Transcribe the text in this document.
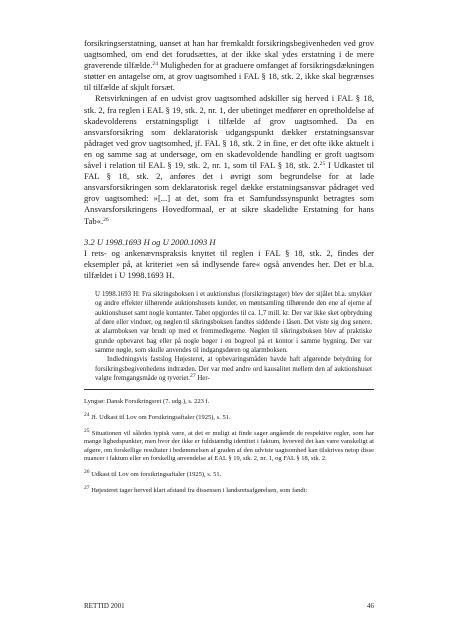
forsikringserstatning, uanset at han har fremkaldt forsikringsbegivenheden ved grov uagtsomhed, om end det forudsættes, at der ikke skal ydes erstatning i de mere graverende tilfælde.$^{24}$ Muligheden for at graduere omfanget af forsikringsdækningen støtter en antagelse om, at grov uagtsomhed i FAL § 18, stk. 2, ikke skal begrænses til tilfælde af skjult forsæt.

Retsvirkningen af en udvist grov uagtsomhed adskiller sig herved i FAL § 18, stk. 2, fra reglen i EAL § 19, stk. 2, nr. 1, der ubetinget medfører en opretholdelse af skadevolderens erstatningspligt i tilfælde af grov uagtsomhed. Da en ansvarsforsikring som deklaratorisk udgangspunkt dækker erstatningsansvar pådraget ved grov uagtsomhed, jf. FAL § 18, stk. 2 in fine, er det ofte ikke aktuelt i en og samme sag at undersøge, om en skadevoldende handling er groft uagtsom såvel i relation til EAL § 19, stk. 2, nr. 1, som til FAL § 18, stk. 2.25 I Udkastet til FAL § 18, stk. 2, anføres det i øvrigt som begrundelse for at lade ansvarsforsikringen som deklaratorisk regel dække erstatningsansvar pådraget ved grov uagtsomhed: »[...] at det, som fra et Samfundssynspunkt betragtes som Ansvarsforsikringens Hovedformaal, er at sikre skadelidte Erstatning for hans Tab«.$^{26}$

3.2 U 1998.1693 H og U 2000.1093 H

I rets- og ankenævnspraksis knyttet til reglen i FAL § 18, stk. 2, findes der eksempler på, at kriteriet »en så indlysende fare« også anvendes her. Det er bl.a. tilfældet i U 1998.1693 H.

U 1998.1693 H: Fra sikringsboksen i et auktionshus (forsikringstager) blev der stjålet bl.a. smykker og andre effekter tilhørende auktionshusets kunder, en møntsamling tilhørende den ene af ejerne af auktionshuset samt nogle kontanter. Tabet opgjordes til ca. 1,7 mill. kr. Der var ikke sket opbrydning af døre eller vinduer, og nøglen til sikringsboksen fandtes siddende i låsen. Det viste sig dog senere, at alarmboksen var brudt op med et fremmedlegeme. Nøglen til sikringsboksen blev af praktiske grunde opbevaret bag eller på nogle bøger i en bogreol på et kontor i samme bygning. Der var samme nøgle, som skulle anvendes til indgangsdøren og alarmboksen.

Indledningsvis fastslog Højesteret, at opbevaringsmåden havde haft afgørende betydning for forsikringsbegivenhedens indtræden. Der var med andre ord kausalitet mellem den af auktionshuset valgte fremgangsmåde og tyveriet.$^{27}$ Her-

Lyngsø: Dansk Forsikringsret (7. udg.), s. 223 f.

$^{24}$ Jf. Udkast til Lov om Forsikringsaftaler (1925), s. 51.

$^{25}$ Situationen vil således typisk være, at det er muligt at finde sager angående de respektive regler, som har mange lighedspunkter, men hvor der ikke er fuldstændig identitet i faktum, hvorved det kan være vanskeligt at afgøre, om forskellige resultater i bedømmelsen af graden af den udviste uagtsomhed kan tilskrives netop disse nuancer i faktum eller en forskellig anvendelse af EAL § 19, stk. 2, nr. 1, og FAL § 18, stk. 2.

$^{26}$ Udkast til Lov om forsikringsaftaler (1925), s. 51.

$^{27}$ Højesteret tager herved klart afstand fra dissensen i landsretsafgørelsen, som fandt:

RETTID 2001	46
